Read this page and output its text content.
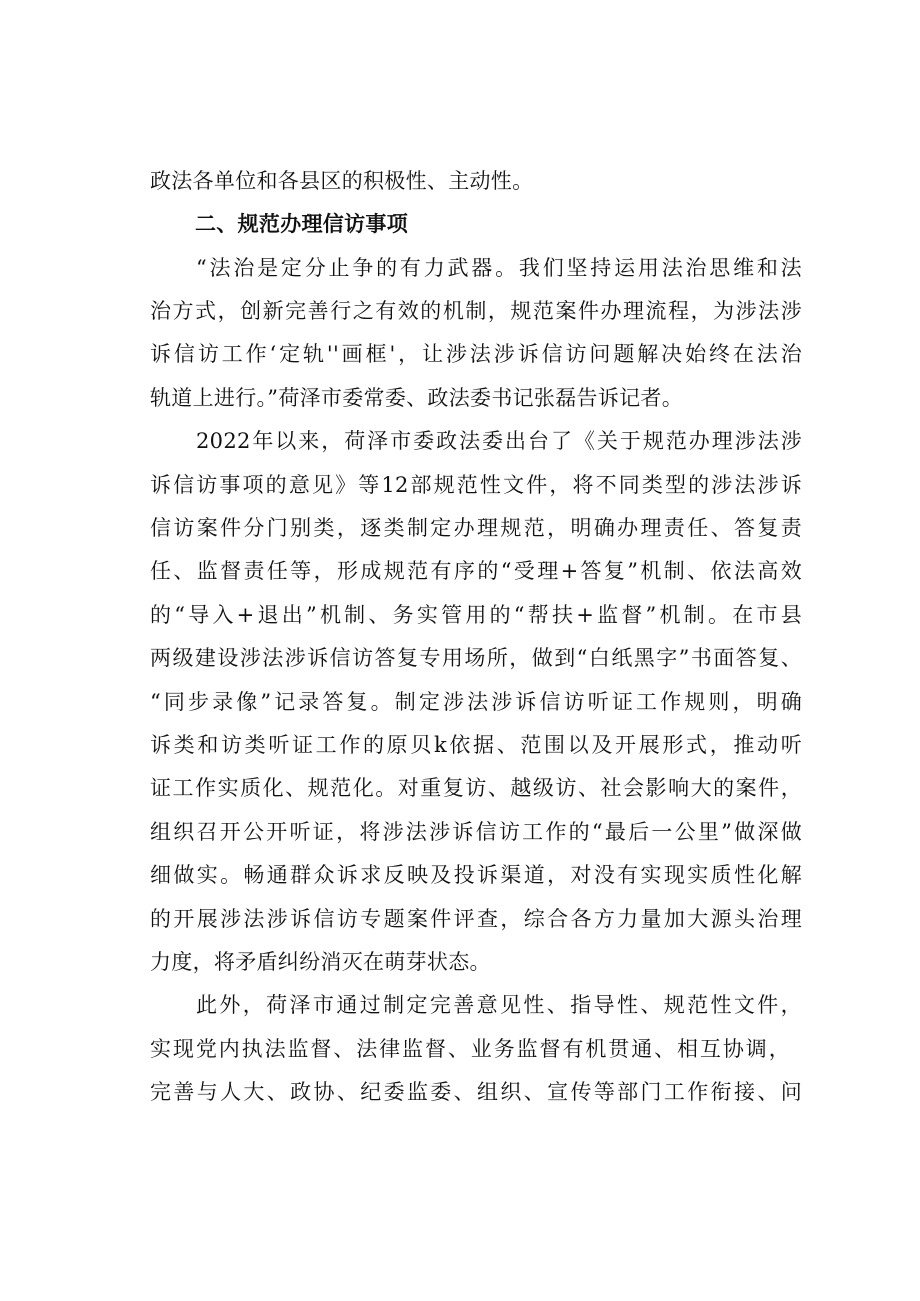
政法各单位和各县区的积极性、主动性。
二、规范办理信访事项
“法治是定分止争的有力武器。我们坚持运用法治思维和法
治方式，创新完善行之有效的机制，规范案件办理流程，为涉法涉
诉信访工作‘定轨''画框'，让涉法涉诉信访问题解决始终在法治
轨道上进行。”荷泽市委常委、政法委书记张磊告诉记者。
2022年以来，荷泽市委政法委出台了《关于规范办理涉法涉
诉信访事项的意见》等12部规范性文件，将不同类型的涉法涉诉
信访案件分门别类，逐类制定办理规范，明确办理责任、答复责
任、监督责任等，形成规范有序的“受理+答复”机制、依法高效
的“导入+退出”机制、务实管用的“帮扶+监督”机制。在市县
两级建设涉法涉诉信访答复专用场所，做到“白纸黑字”书面答复、
“同步录像”记录答复。制定涉法涉诉信访听证工作规则，明确
诉类和访类听证工作的原贝k依据、范围以及开展形式，推动听
证工作实质化、规范化。对重复访、越级访、社会影响大的案件，
组织召开公开听证，将涉法涉诉信访工作的“最后一公里”做深做
细做实。畅通群众诉求反映及投诉渠道，对没有实现实质性化解
的开展涉法涉诉信访专题案件评查，综合各方力量加大源头治理
力度，将矛盾纠纷消灭在萌芽状态。
此外，荷泽市通过制定完善意见性、指导性、规范性文件，
实现党内执法监督、法律监督、业务监督有机贯通、相互协调，
完善与人大、政协、纪委监委、组织、宣传等部门工作衔接、问
